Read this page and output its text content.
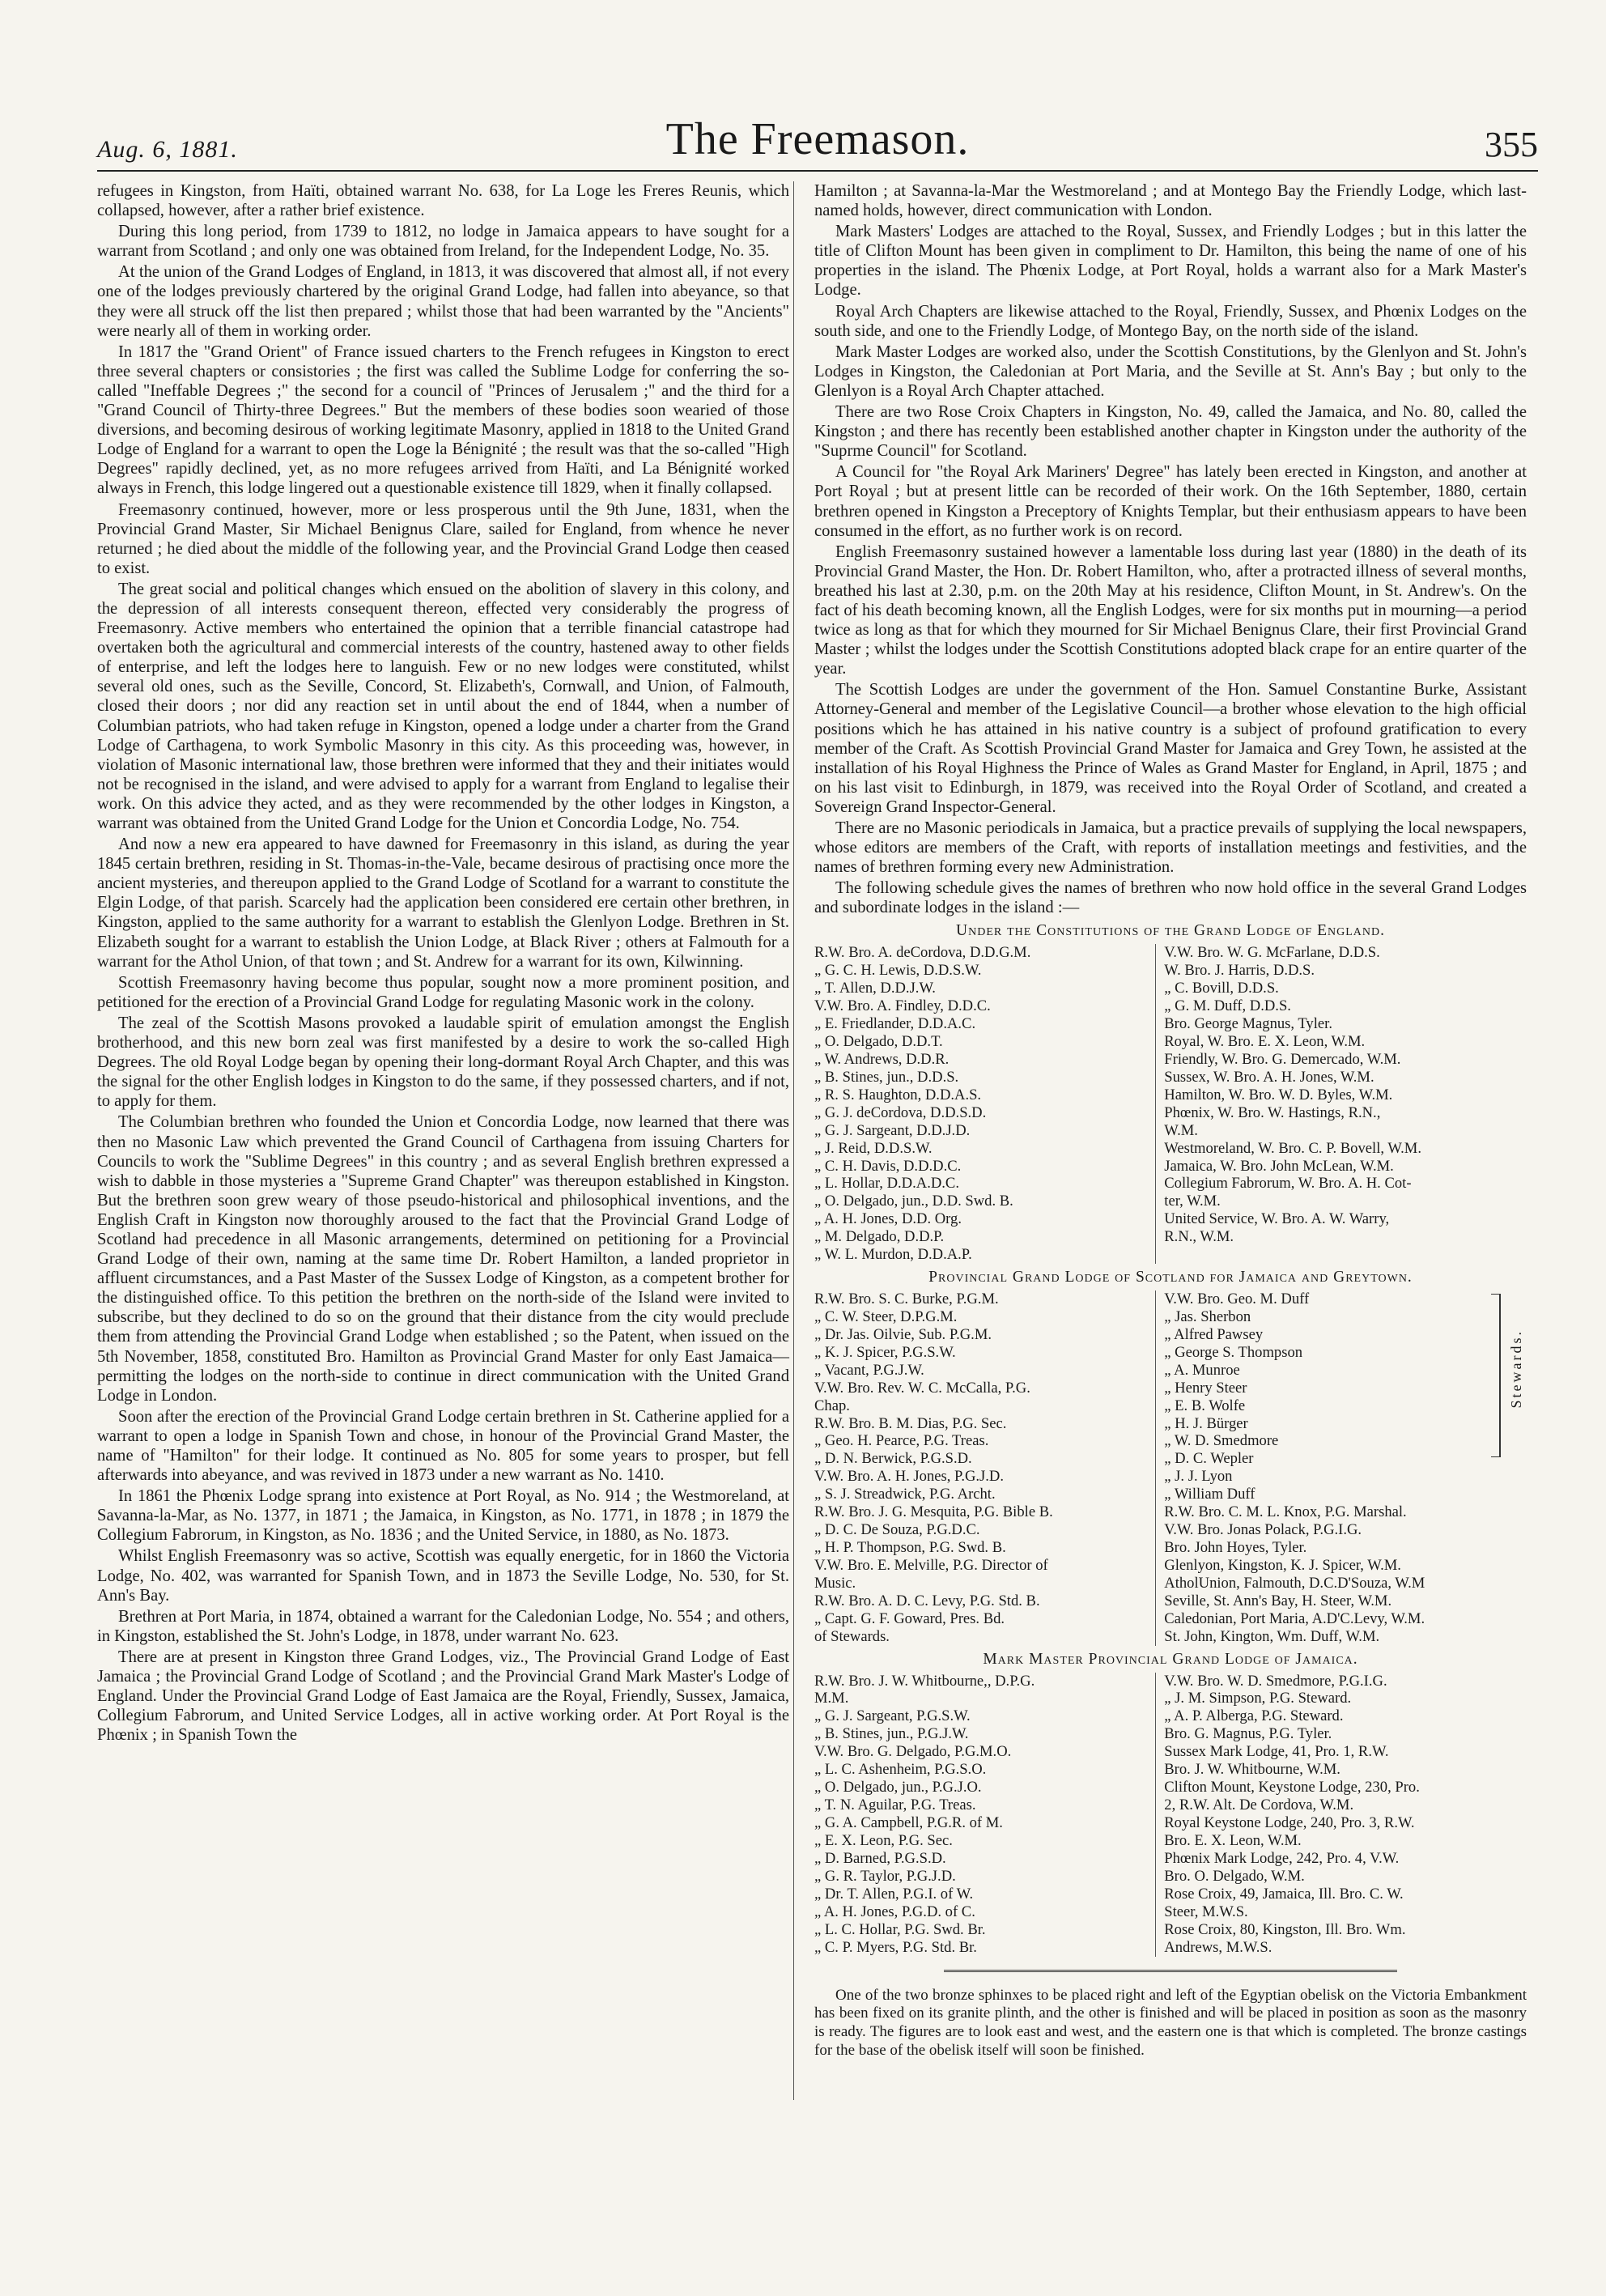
Aug. 6, 1881.	The Freemason.	355

refugees in Kingston, from Haïti, obtained warrant No. 638, for La Loge les Freres Reunis, which collapsed, however, after a rather brief existence.

During this long period, from 1739 to 1812, no lodge in Jamaica appears to have sought for a warrant from Scotland ; and only one was obtained from Ireland, for the Independent Lodge, No. 35.

At the union of the Grand Lodges of England, in 1813, it was discovered that almost all, if not every one of the lodges previously chartered by the original Grand Lodge, had fallen into abeyance, so that they were all struck off the list then prepared ; whilst those that had been warranted by the "Ancients" were nearly all of them in working order.

In 1817 the "Grand Orient" of France issued charters to the French refugees in Kingston to erect three several chapters or consistories ; the first was called the Sublime Lodge for conferring the so-called "Ineffable Degrees ;" the second for a council of "Princes of Jerusalem ;" and the third for a "Grand Council of Thirty-three Degrees." But the members of these bodies soon wearied of those diversions, and becoming desirous of working legitimate Masonry, applied in 1818 to the United Grand Lodge of England for a warrant to open the Loge la Bénignité ; the result was that the so-called "High Degrees" rapidly declined, yet, as no more refugees arrived from Haïti, and La Bénignité worked always in French, this lodge lingered out a questionable existence till 1829, when it finally collapsed.

Freemasonry continued, however, more or less prosperous until the 9th June, 1831, when the Provincial Grand Master, Sir Michael Benignus Clare, sailed for England, from whence he never returned ; he died about the middle of the following year, and the Provincial Grand Lodge then ceased to exist.

The great social and political changes which ensued on the abolition of slavery in this colony, and the depression of all interests consequent thereon, effected very considerably the progress of Freemasonry. Active members who entertained the opinion that a terrible financial catastrope had overtaken both the agricultural and commercial interests of the country, hastened away to other fields of enterprise, and left the lodges here to languish. Few or no new lodges were constituted, whilst several old ones, such as the Seville, Concord, St. Elizabeth's, Cornwall, and Union, of Falmouth, closed their doors ; nor did any reaction set in until about the end of 1844, when a number of Columbian patriots, who had taken refuge in Kingston, opened a lodge under a charter from the Grand Lodge of Carthagena, to work Symbolic Masonry in this city. As this proceeding was, however, in violation of Masonic international law, those brethren were informed that they and their initiates would not be recognised in the island, and were advised to apply for a warrant from England to legalise their work. On this advice they acted, and as they were recommended by the other lodges in Kingston, a warrant was obtained from the United Grand Lodge for the Union et Concordia Lodge, No. 754.

And now a new era appeared to have dawned for Freemasonry in this island, as during the year 1845 certain brethren, residing in St. Thomas-in-the-Vale, became desirous of practising once more the ancient mysteries, and thereupon applied to the Grand Lodge of Scotland for a warrant to constitute the Elgin Lodge, of that parish. Scarcely had the application been considered ere certain other brethren, in Kingston, applied to the same authority for a warrant to establish the Glenlyon Lodge. Brethren in St. Elizabeth sought for a warrant to establish the Union Lodge, at Black River ; others at Falmouth for a warrant for the Athol Union, of that town ; and St. Andrew for a warrant for its own, Kilwinning.

Scottish Freemasonry having become thus popular, sought now a more prominent position, and petitioned for the erection of a Provincial Grand Lodge for regulating Masonic work in the colony.

The zeal of the Scottish Masons provoked a laudable spirit of emulation amongst the English brotherhood, and this new born zeal was first manifested by a desire to work the so-called High Degrees. The old Royal Lodge began by opening their long-dormant Royal Arch Chapter, and this was the signal for the other English lodges in Kingston to do the same, if they possessed charters, and if not, to apply for them.

The Columbian brethren who founded the Union et Concordia Lodge, now learned that there was then no Masonic Law which prevented the Grand Council of Carthagena from issuing Charters for Councils to work the "Sublime Degrees" in this country ; and as several English brethren expressed a wish to dabble in those mysteries a "Supreme Grand Chapter" was thereupon established in Kingston. But the brethren soon grew weary of those pseudo-historical and philosophical inventions, and the English Craft in Kingston now thoroughly aroused to the fact that the Provincial Grand Lodge of Scotland had precedence in all Masonic arrangements, determined on petitioning for a Provincial Grand Lodge of their own, naming at the same time Dr. Robert Hamilton, a landed proprietor in affluent circumstances, and a Past Master of the Sussex Lodge of Kingston, as a competent brother for the distinguished office. To this petition the brethren on the north-side of the Island were invited to subscribe, but they declined to do so on the ground that their distance from the city would preclude them from attending the Provincial Grand Lodge when established ; so the Patent, when issued on the 5th November, 1858, constituted Bro. Hamilton as Provincial Grand Master for only East Jamaica—permitting the lodges on the north-side to continue in direct communication with the United Grand Lodge in London.

Soon after the erection of the Provincial Grand Lodge certain brethren in St. Catherine applied for a warrant to open a lodge in Spanish Town and chose, in honour of the Provincial Grand Master, the name of "Hamilton" for their lodge. It continued as No. 805 for some years to prosper, but fell afterwards into abeyance, and was revived in 1873 under a new warrant as No. 1410.

In 1861 the Phœnix Lodge sprang into existence at Port Royal, as No. 914 ; the Westmoreland, at Savanna-la-Mar, as No. 1377, in 1871 ; the Jamaica, in Kingston, as No. 1771, in 1878 ; in 1879 the Collegium Fabrorum, in Kingston, as No. 1836 ; and the United Service, in 1880, as No. 1873.

Whilst English Freemasonry was so active, Scottish was equally energetic, for in 1860 the Victoria Lodge, No. 402, was warranted for Spanish Town, and in 1873 the Seville Lodge, No. 530, for St. Ann's Bay.

Brethren at Port Maria, in 1874, obtained a warrant for the Caledonian Lodge, No. 554 ; and others, in Kingston, established the St. John's Lodge, in 1878, under warrant No. 623.

There are at present in Kingston three Grand Lodges, viz., The Provincial Grand Lodge of East Jamaica ; the Provincial Grand Lodge of Scotland ; and the Provincial Grand Mark Master's Lodge of England. Under the Provincial Grand Lodge of East Jamaica are the Royal, Friendly, Sussex, Jamaica, Collegium Fabrorum, and United Service Lodges, all in active working order. At Port Royal is the Phœnix ; in Spanish Town the

Hamilton ; at Savanna-la-Mar the Westmoreland ; and at Montego Bay the Friendly Lodge, which last-named holds, however, direct communication with London.

Mark Masters' Lodges are attached to the Royal, Sussex, and Friendly Lodges ; but in this latter the title of Clifton Mount has been given in compliment to Dr. Hamilton, this being the name of one of his properties in the island. The Phœnix Lodge, at Port Royal, holds a warrant also for a Mark Master's Lodge.

Royal Arch Chapters are likewise attached to the Royal, Friendly, Sussex, and Phœnix Lodges on the south side, and one to the Friendly Lodge, of Montego Bay, on the north side of the island.

Mark Master Lodges are worked also, under the Scottish Constitutions, by the Glenlyon and St. John's Lodges in Kingston, the Caledonian at Port Maria, and the Seville at St. Ann's Bay ; but only to the Glenlyon is a Royal Arch Chapter attached.

There are two Rose Croix Chapters in Kingston, No. 49, called the Jamaica, and No. 80, called the Kingston ; and there has recently been established another chapter in Kingston under the authority of the "Suprme Council" for Scotland.

A Council for "the Royal Ark Mariners' Degree" has lately been erected in Kingston, and another at Port Royal ; but at present little can be recorded of their work. On the 16th September, 1880, certain brethren opened in Kingston a Preceptory of Knights Templar, but their enthusiasm appears to have been consumed in the effort, as no further work is on record.

English Freemasonry sustained however a lamentable loss during last year (1880) in the death of its Provincial Grand Master, the Hon. Dr. Robert Hamilton, who, after a protracted illness of several months, breathed his last at 2.30, p.m. on the 20th May at his residence, Clifton Mount, in St. Andrew's. On the fact of his death becoming known, all the English Lodges, were for six months put in mourning—a period twice as long as that for which they mourned for Sir Michael Benignus Clare, their first Provincial Grand Master ; whilst the lodges under the Scottish Constitutions adopted black crape for an entire quarter of the year.

The Scottish Lodges are under the government of the Hon. Samuel Constantine Burke, Assistant Attorney-General and member of the Legislative Council—a brother whose elevation to the high official positions which he has attained in his native country is a subject of profound gratification to every member of the Craft. As Scottish Provincial Grand Master for Jamaica and Grey Town, he assisted at the installation of his Royal Highness the Prince of Wales as Grand Master for England, in April, 1875 ; and on his last visit to Edinburgh, in 1879, was received into the Royal Order of Scotland, and created a Sovereign Grand Inspector-General.

There are no Masonic periodicals in Jamaica, but a practice prevails of supplying the local newspapers, whose editors are members of the Craft, with reports of installation meetings and festivities, and the names of brethren forming every new Administration.

The following schedule gives the names of brethren who now hold office in the several Grand Lodges and subordinate lodges in the island :—

Under the Constitutions of the Grand Lodge of England.
R.W. Bro. A. deCordova, D.D.G.M.
„ G. C. H. Lewis, D.D.S.W.
„ T. Allen, D.D.J.W.
V.W. Bro. A. Findley, D.D.C.
„ E. Friedlander, D.D.A.C.
„ O. Delgado, D.D.T.
„ W. Andrews, D.D.R.
„ B. Stines, jun., D.D.S.
„ R. S. Haughton, D.D.A.S.
„ G. J. deCordova, D.D.S.D.
„ G. J. Sargeant, D.D.J.D.
„ J. Reid, D.D.S.W.
„ C. H. Davis, D.D.D.C.
„ L. Hollar, D.D.A.D.C.
„ O. Delgado, jun., D.D. Swd. B.
„ A. H. Jones, D.D. Org.
„ M. Delgado, D.D.P.
„ W. L. Murdon, D.D.A.P.
V.W. Bro. W. G. McFarlane, D.D.S.
W. Bro. J. Harris, D.D.S.
„ C. Bovill, D.D.S.
„ G. M. Duff, D.D.S.
Bro. George Magnus, Tyler.
Royal, W. Bro. E. X. Leon, W.M.
Friendly, W. Bro. G. Demercado, W.M.
Sussex, W. Bro. A. H. Jones, W.M.
Hamilton, W. Bro. W. D. Byles, W.M.
Phœnix, W. Bro. W. Hastings, R.N.,
W.M.
Westmoreland, W. Bro. C. P. Bovell, W.M.
Jamaica, W. Bro. John McLean, W.M.
Collegium Fabrorum, W. Bro. A. H. Cot-
ter, W.M.
United Service, W. Bro. A. W. Warry,
R.N., W.M.
Provincial Grand Lodge of Scotland for Jamaica and Greytown.
R.W. Bro. S. C. Burke, P.G.M.
„ C. W. Steer, D.P.G.M.
„ Dr. Jas. Oilvie, Sub. P.G.M.
„ K. J. Spicer, P.G.S.W.
„ Vacant, P.G.J.W.
V.W. Bro. Rev. W. C. McCalla, P.G.
Chap.
R.W. Bro. B. M. Dias, P.G. Sec.
„ Geo. H. Pearce, P.G. Treas.
„ D. N. Berwick, P.G.S.D.
V.W. Bro. A. H. Jones, P.G.J.D.
„ S. J. Streadwick, P.G. Archt.
R.W. Bro. J. G. Mesquita, P.G. Bible B.
„ D. C. De Souza, P.G.D.C.
„ H. P. Thompson, P.G. Swd. B.
V.W. Bro. E. Melville, P.G. Director of
Music.
R.W. Bro. A. D. C. Levy, P.G. Std. B.
„ Capt. G. F. Goward, Pres. Bd.
of Stewards.
V.W. Bro. Geo. M. Duff
„ Jas. Sherbon
„ Alfred Pawsey
„ George S. Thompson
„ A. Munroe
„ Henry Steer
„ E. B. Wolfe
„ H. J. Bürger
„ W. D. Smedmore
„ D. C. Wepler
„ J. J. Lyon
„ William Duff
R.W. Bro. C. M. L. Knox, P.G. Marshal.
V.W. Bro. Jonas Polack, P.G.I.G.
Bro. John Hoyes, Tyler.
Glenlyon, Kingston, K. J. Spicer, W.M.
AtholUnion, Falmouth, D.C.D'Souza, W.M
Seville, St. Ann's Bay, H. Steer, W.M.
Caledonian, Port Maria, A.D'C.Levy, W.M.
St. John, Kington, Wm. Duff, W.M.
Stewards.
Mark Master Provincial Grand Lodge of Jamaica.
R.W. Bro. J. W. Whitbourne,, D.P.G.
M.M.
„ G. J. Sargeant, P.G.S.W.
„ B. Stines, jun., P.G.J.W.
V.W. Bro. G. Delgado, P.G.M.O.
„ L. C. Ashenheim, P.G.S.O.
„ O. Delgado, jun., P.G.J.O.
„ T. N. Aguilar, P.G. Treas.
„ G. A. Campbell, P.G.R. of M.
„ E. X. Leon, P.G. Sec.
„ D. Barned, P.G.S.D.
„ G. R. Taylor, P.G.J.D.
„ Dr. T. Allen, P.G.I. of W.
„ A. H. Jones, P.G.D. of C.
„ L. C. Hollar, P.G. Swd. Br.
„ C. P. Myers, P.G. Std. Br.
V.W. Bro. W. D. Smedmore, P.G.I.G.
„ J. M. Simpson, P.G. Steward.
„ A. P. Alberga, P.G. Steward.
Bro. G. Magnus, P.G. Tyler.
Sussex Mark Lodge, 41, Pro. 1, R.W.
Bro. J. W. Whitbourne, W.M.
Clifton Mount, Keystone Lodge, 230, Pro.
2, R.W. Alt. De Cordova, W.M.
Royal Keystone Lodge, 240, Pro. 3, R.W.
Bro. E. X. Leon, W.M.
Phœnix Mark Lodge, 242, Pro. 4, V.W.
Bro. O. Delgado, W.M.
Rose Croix, 49, Jamaica, Ill. Bro. C. W.
Steer, M.W.S.
Rose Croix, 80, Kingston, Ill. Bro. Wm.
Andrews, M.W.S.

One of the two bronze sphinxes to be placed right and left of the Egyptian obelisk on the Victoria Embankment has been fixed on its granite plinth, and the other is finished and will be placed in position as soon as the masonry is ready. The figures are to look east and west, and the eastern one is that which is completed. The bronze castings for the base of the obelisk itself will soon be finished.
